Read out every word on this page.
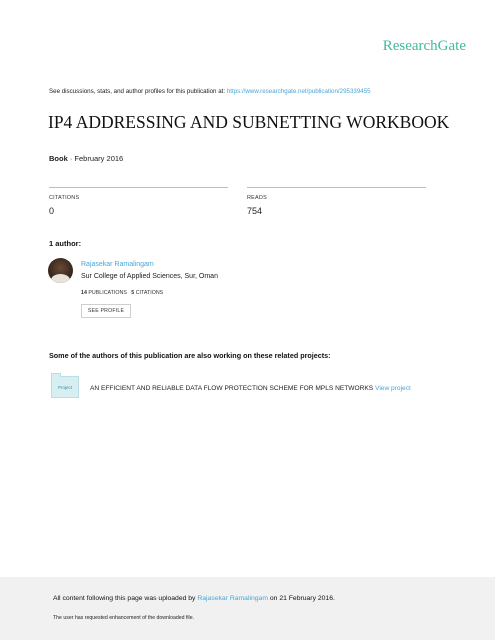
ResearchGate
See discussions, stats, and author profiles for this publication at: https://www.researchgate.net/publication/295339455
IP4 ADDRESSING AND SUBNETTING WORKBOOK
Book · February 2016
CITATIONS
0
READS
754
1 author:
Rajasekar Ramalingam
Sur College of Applied Sciences, Sur, Oman
14 PUBLICATIONS 5 CITATIONS
SEE PROFILE
Some of the authors of this publication are also working on these related projects:
Project	AN EFFICIENT AND RELIABLE DATA FLOW PROTECTION SCHEME FOR MPLS NETWORKS View project
All content following this page was uploaded by Rajasekar Ramalingam on 21 February 2016.
The user has requested enhancement of the downloaded file.
